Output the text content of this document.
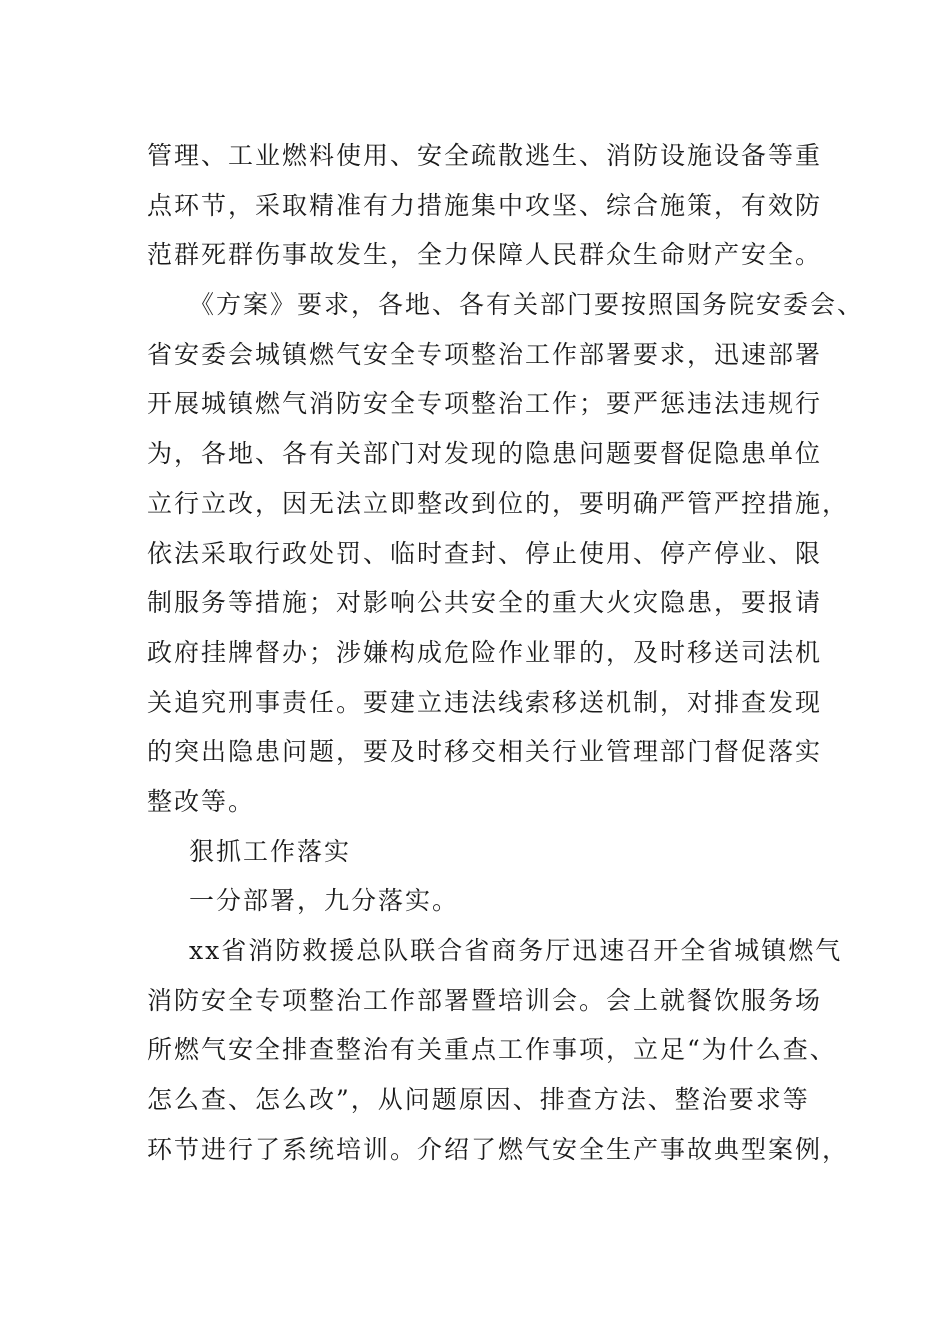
管理、工业燃料使用、安全疏散逃生、消防设施设备等重
点环节，采取精准有力措施集中攻坚、综合施策，有效防
范群死群伤事故发生，全力保障人民群众生命财产安全。
《方案》要求，各地、各有关部门要按照国务院安委会、
省安委会城镇燃气安全专项整治工作部署要求，迅速部署
开展城镇燃气消防安全专项整治工作；要严惩违法违规行
为，各地、各有关部门对发现的隐患问题要督促隐患单位
立行立改，因无法立即整改到位的，要明确严管严控措施，
依法采取行政处罚、临时查封、停止使用、停产停业、限
制服务等措施；对影响公共安全的重大火灾隐患，要报请
政府挂牌督办；涉嫌构成危险作业罪的，及时移送司法机
关追究刑事责任。要建立违法线索移送机制，对排查发现
的突出隐患问题，要及时移交相关行业管理部门督促落实
整改等。
狠抓工作落实
一分部署，九分落实。
xx省消防救援总队联合省商务厅迅速召开全省城镇燃气
消防安全专项整治工作部署暨培训会。会上就餐饮服务场
所燃气安全排查整治有关重点工作事项，立足“为什么查、
怎么查、怎么改”，从问题原因、排查方法、整治要求等
环节进行了系统培训。介绍了燃气安全生产事故典型案例，
